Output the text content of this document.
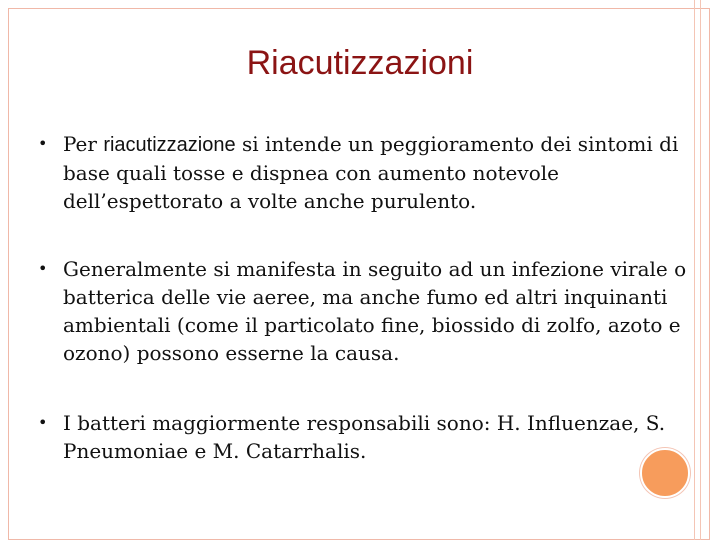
Riacutizzazioni
• Per riacutizzazione si intende un peggioramento dei sintomi di base quali tosse e dispnea con aumento notevole dell’espettorato a volte anche purulento.
• Generalmente si manifesta in seguito ad un infezione virale o batterica delle vie aeree, ma anche fumo ed altri inquinanti ambientali (come il particolato fine, biossido di zolfo, azoto e ozono) possono esserne la causa.
• I batteri maggiormente responsabili sono: H. Influenzae, S. Pneumoniae e M. Catarrhalis.
